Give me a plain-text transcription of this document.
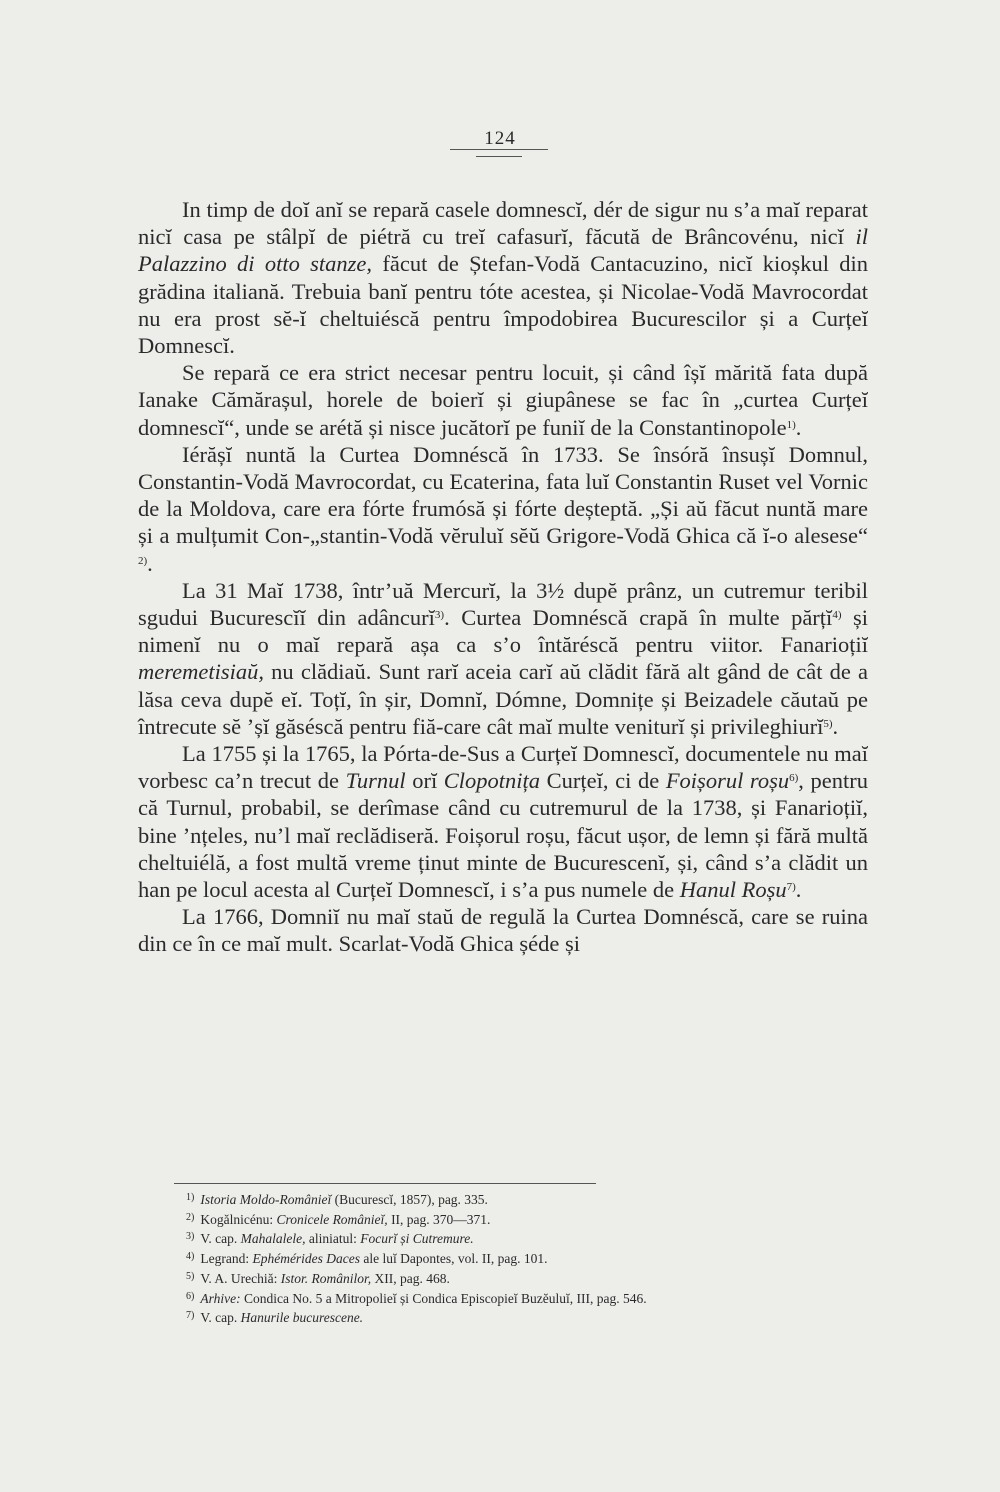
124

In timp de doĭ anĭ se repară casele domnescĭ, dér de sigur nu s’a maĭ reparat nicĭ casa pe stâlpĭ de piétră cu treĭ cafasurĭ, făcută de Brâncovénu, nicĭ il Palazzino di otto stanze, făcut de Ștefan-Vodă Cantacuzino, nicĭ kioșkul din grădina italiană. Trebuia banĭ pentru tóte acestea, și Nicolae-Vodă Mavrocordat nu era prost sĕ-ĭ cheltuiéscă pentru împodobirea Bucurescilor și a Curțeĭ Domnescĭ.

Se repară ce era strict necesar pentru locuit, și când îșĭ mărită fata după Ianake Cămărașul, horele de boierĭ și giupânese se fac în „curtea Curțeĭ domnescĭ“, unde se arétă și nisce jucătorĭ pe funiĭ de la Constantinopole$^{1)}$.

Iérășĭ nuntă la Curtea Domnéscă în 1733. Se însóră însușĭ Domnul, Constantin-Vodă Mavrocordat, cu Ecaterina, fata luĭ Constantin Ruset vel Vornic de la Moldova, care era fórte frumósă și fórte deșteptă. „Și aŭ făcut nuntă mare și a mulțumit Con-„stantin-Vodă vĕruluĭ sĕŭ Grigore-Vodă Ghica că ĭ-o alesese“ $^{2)}$.

La 31 Maĭ 1738, într’uă Mercurĭ, la 3½ dupĕ prânz, un cutremur teribil sgudui Bucurescĭĭ din adâncurĭ$^{3)}$. Curtea Domnéscă crapă în multe părțĭ$^{4)}$ și nimenĭ nu o maĭ repară așa ca s’o întăréscă pentru viitor. Fanarioțiĭ meremetisiaŭ, nu clădiaŭ. Sunt rarĭ aceia carĭ aŭ clădit fără alt gând de cât de a lăsa ceva dupĕ eĭ. Toțĭ, în șir, Domnĭ, Dómne, Domnițe și Beizadele căutaŭ pe întrecute sĕ ’șĭ găséscă pentru fiă-care cât maĭ multe veniturĭ și privileghiurĭ$^{5)}$.

La 1755 și la 1765, la Pórta-de-Sus a Curțeĭ Domnescĭ, documentele nu maĭ vorbesc ca’n trecut de Turnul orĭ Clopotnița Curțeĭ, ci de Foișorul roșu$^{6)}$, pentru că Turnul, probabil, se derîmase când cu cutremurul de la 1738, și Fanarioțiĭ, bine ’nțeles, nu’l maĭ reclădiseră. Foișorul roșu, făcut ușor, de lemn și fără multă cheltuiélă, a fost multă vreme ținut minte de Bucurescenĭ, și, când s’a clădit un han pe locul acesta al Curțeĭ Domnescĭ, i s’a pus numele de Hanul Roșu$^{7)}$.

La 1766, Domniĭ nu maĭ staŭ de regulă la Curtea Domnéscă, care se ruina din ce în ce maĭ mult. Scarlat-Vodă Ghica șéde și

$^{1)}$ Istoria Moldo-Românieĭ (Bucurescĭ, 1857), pag. 335.
$^{2)}$ Kogălnicénu: Cronicele Românieĭ, II, pag. 370—371.
$^{3)}$ V. cap. Mahalalele, aliniatul: Focurĭ și Cutremure.
$^{4)}$ Legrand: Ephémérides Daces ale luĭ Dapontes, vol. II, pag. 101.
$^{5)}$ V. A. Urechiă: Istor. Românilor, XII, pag. 468.
$^{6)}$ Arhive: Condica No. 5 a Mitropolieĭ și Condica Episcopieĭ Buzĕuluĭ, III, pag. 546.
$^{7)}$ V. cap. Hanurile bucurescene.
